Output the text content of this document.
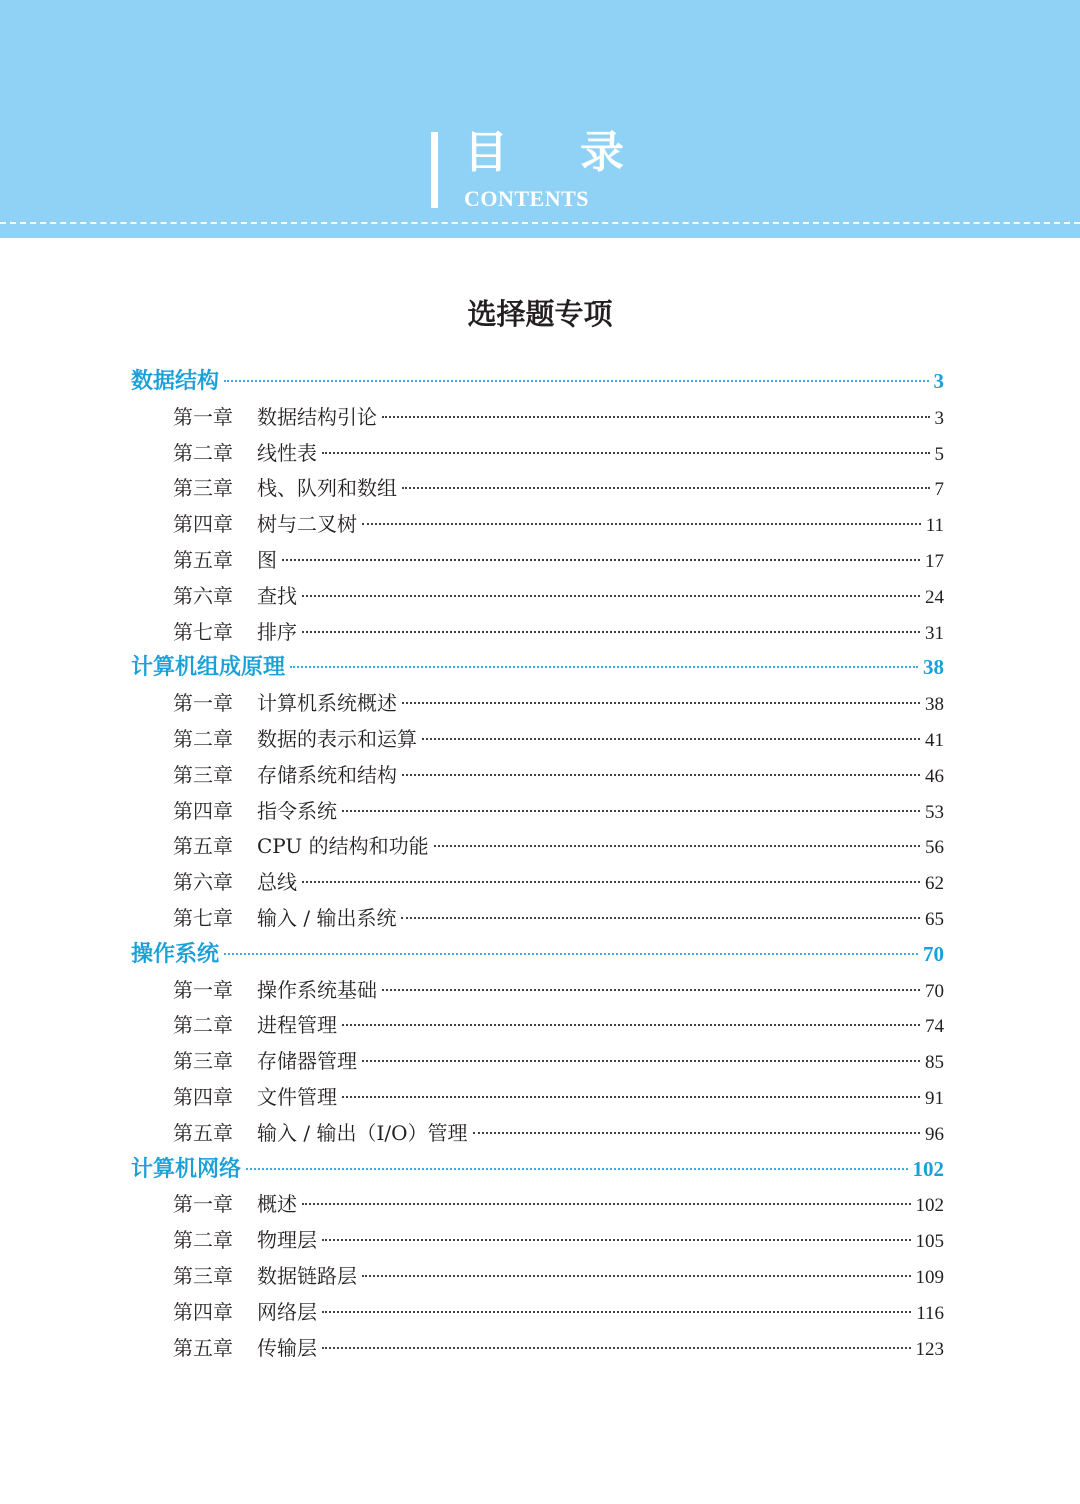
目 录
CONTENTS
选择题专项
数据结构	3
第一章	数据结构引论	3
第二章	线性表	5
第三章	栈、队列和数组	7
第四章	树与二叉树	11
第五章	图	17
第六章	查找	24
第七章	排序	31
计算机组成原理	38
第一章	计算机系统概述	38
第二章	数据的表示和运算	41
第三章	存储系统和结构	46
第四章	指令系统	53
第五章	CPU 的结构和功能	56
第六章	总线	62
第七章	输入 / 输出系统	65
操作系统	70
第一章	操作系统基础	70
第二章	进程管理	74
第三章	存储器管理	85
第四章	文件管理	91
第五章	输入 / 输出（I/O）管理	96
计算机网络	102
第一章	概述	102
第二章	物理层	105
第三章	数据链路层	109
第四章	网络层	116
第五章	传输层	123
